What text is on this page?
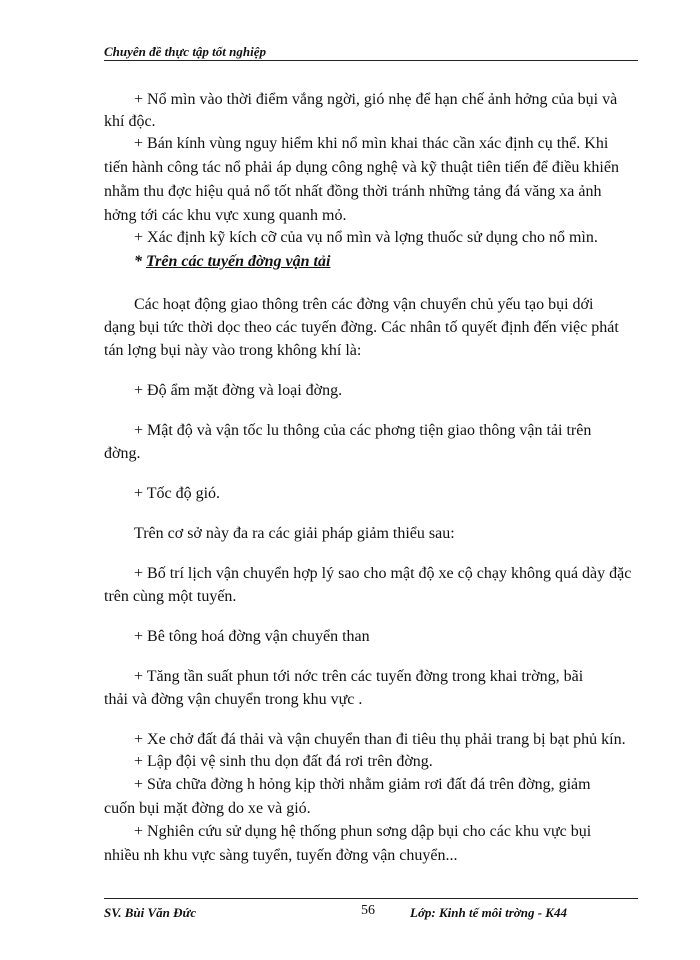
Chuyên đề thực tập tốt nghiệp
+ Nổ mìn vào thời điểm vắng ngời, gió nhẹ để hạn chế ảnh hởng của bụi và
khí độc.
+ Bán kính vùng nguy hiểm khi nổ mìn khai thác cần xác định cụ thể. Khi
tiến hành công tác nổ phải áp dụng công nghệ và kỹ thuật tiên tiến để điều khiển
nhằm thu đợc hiệu quả nổ tốt nhất đồng thời tránh những tảng đá văng xa ảnh
hởng tới các khu vực xung quanh mỏ.
+ Xác định kỹ kích cỡ của vụ nổ mìn và lợng thuốc sử dụng cho nổ mìn.
* Trên các tuyến đờng vận tải
Các hoạt động giao thông trên các đờng vận chuyển chủ yếu tạo bụi dới
dạng bụi tức thời dọc theo các tuyến đờng. Các nhân tố quyết định đến việc phát
tán lợng bụi này vào trong không khí là:
+ Độ ẩm mặt đờng và loại đờng.
+ Mật độ và vận tốc lu thông của các phơng tiện giao thông vận tải trên
đờng.
+ Tốc độ gió.
Trên cơ sở này đa ra các giải pháp giảm thiểu sau:
+ Bố trí lịch vận chuyển hợp lý sao cho mật độ xe cộ chạy không quá dày đặc
trên cùng một tuyến.
+ Bê tông hoá đờng vận chuyển than
+ Tăng tần suất phun tới nớc trên các tuyến đờng trong khai trờng, bãi
thải và đờng vận chuyển trong khu vực .
+ Xe chở đất đá thải và vận chuyển than đi tiêu thụ phải trang bị bạt phủ kín.
+ Lập đội vệ sinh thu dọn đất đá rơi trên đờng.
+ Sửa chữa đờng h hỏng kịp thời nhằm giảm rơi đất đá trên đờng, giảm
cuốn bụi mặt đờng do xe và gió.
+ Nghiên cứu sử dụng hệ thống phun sơng dập bụi cho các khu vực bụi
nhiều nh khu vực sàng tuyển, tuyến đờng vận chuyển...
SV. Bùi Văn Đức	56	Lớp: Kinh tế môi trờng - K44
